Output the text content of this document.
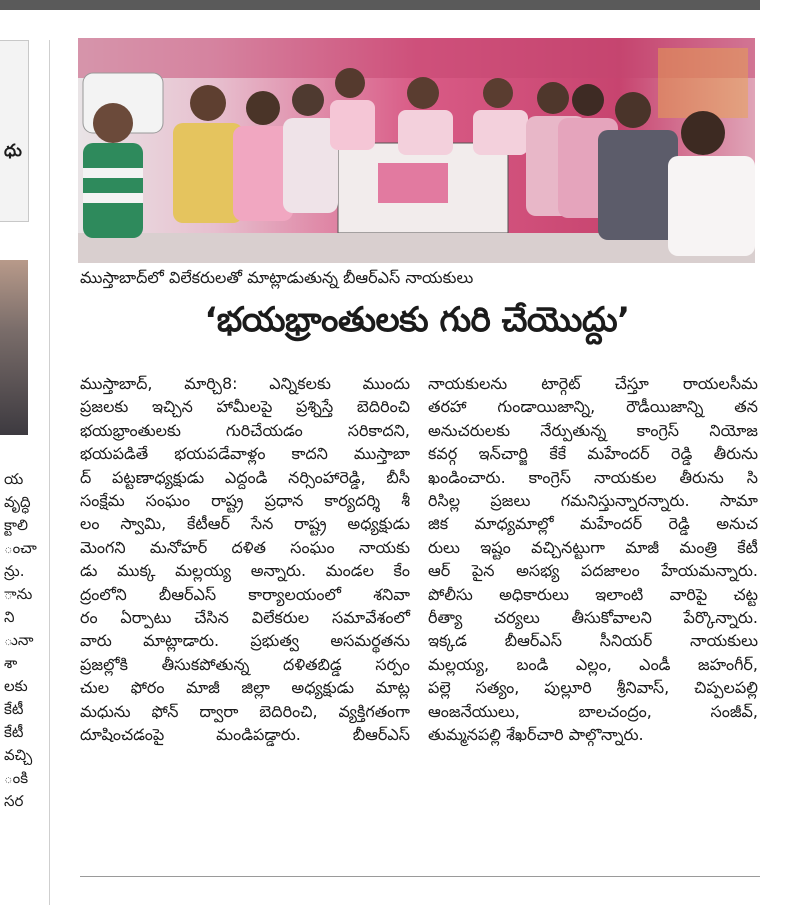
ధు
య
వృద్ధి
క్టాలి
ంచా
న్రు.
ాను
ని
ునా
శా
లకు
కేటీ
కేటీ
వచ్చి
ంకి
సర
ముస్తాబాద్‌లో విలేకరులతో మాట్లాడుతున్న బీఆర్‌ఎస్ నాయకులు
‘భయభ్రాంతులకు గురి చేయొద్దు’
ముస్తాబాద్, మార్చి8: ఎన్నికలకు ముందు
ప్రజలకు ఇచ్చిన హామీలపై ప్రశ్నిస్తే బెదిరించి
భయభ్రాంతులకు గురిచేయడం సరికాదని,
భయపడితే భయపడేవాళ్లం కాదని ముస్తాబా
ద్ పట్టణాధ్యక్షుడు ఎద్దండి నర్సింహారెడ్డి, బీసీ
సంక్షేమ సంఘం రాష్ట్ర ప్రధాన కార్యదర్శి శీ
లం స్వామి, కేటీఆర్ సేన రాష్ట్ర అధ్యక్షుడు
మెంగని మనోహర్ దళిత సంఘం నాయకు
డు ముక్క మల్లయ్య అన్నారు. మండల కేం
ద్రంలోని బీఆర్‌ఎస్ కార్యాలయంలో శనివా
రం ఏర్పాటు చేసిన విలేకరుల సమావేశంలో
వారు మాట్లాడారు. ప్రభుత్వ అసమర్థతను
ప్రజల్లోకి తీసుకపోతున్న దళితబిడ్డ సర్పం
చుల ఫోరం మాజీ జిల్లా అధ్యక్షుడు మాట్ల
మధును ఫోన్ ద్వారా బెదిరించి, వ్యక్తిగతంగా
దూషించడంపై మండిపడ్డారు. బీఆర్‌ఎస్
నాయకులను టార్గెట్ చేస్తూ రాయలసీమ
తరహా గుండాయిజాన్ని, రౌడీయిజాన్ని తన
అనుచరులకు నేర్పుతున్న కాంగ్రెస్ నియోజ
కవర్గ ఇన్‌చార్జి కేకే మహేందర్ రెడ్డి తీరును
ఖండించారు. కాంగ్రెస్ నాయకుల తీరును సి
రిసిల్ల ప్రజలు గమనిస్తున్నారన్నారు. సామా
జిక మాధ్యమాల్లో మహేందర్ రెడ్డి అనుచ
రులు ఇష్టం వచ్చినట్టుగా మాజీ మంత్రి కేటీ
ఆర్ పైన అసభ్య పదజాలం హేయమన్నారు.
పోలీసు అధికారులు ఇలాంటి వారిపై చట్ట
రీత్యా చర్యలు తీసుకోవాలని పేర్కొన్నారు.
ఇక్కడ బీఆర్‌ఎస్ సీనియర్ నాయకులు
మల్లయ్య, బండి ఎల్లం, ఎండీ జహంగీర్,
పల్లె సత్యం, పుల్లూరి శ్రీనివాస్, చిప్పలపల్లి
ఆంజనేయులు, బాలచంద్రం, సంజీవ్,
తుమ్మనపల్లి శేఖర్‌చారి పాల్గొన్నారు.
